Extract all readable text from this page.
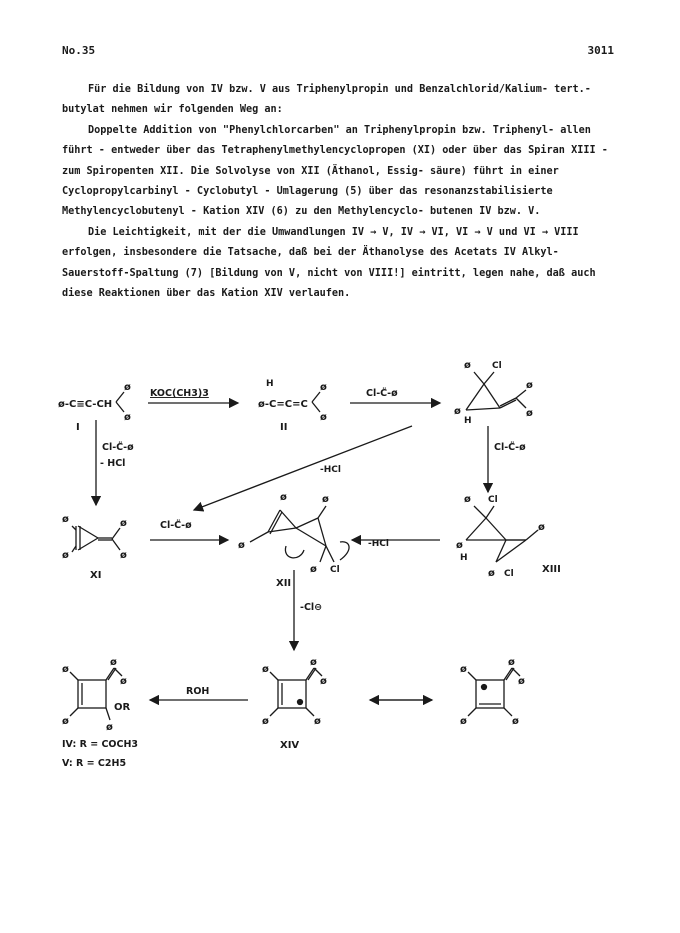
No.35	3011

Für die Bildung von IV bzw. V aus Triphenylpropin und Benzalchlorid/Kalium- tert.-butylat nehmen wir folgenden Weg an:

Doppelte Addition von "Phenylchlorcarben" an Triphenylpropin bzw. Triphenyl- allen führt - entweder über das Tetraphenylmethylencyclopropen (XI) oder über das Spiran XIII - zum Spiropenten XII. Die Solvolyse von XII (Äthanol, Essig- säure) führt in einer Cyclopropylcarbinyl - Cyclobutyl - Umlagerung (5) über das resonanzstabilisierte Methylencyclobutenyl - Kation XIV (6) zu den Methylencyclo- butenen IV bzw. V.

Die Leichtigkeit, mit der die Umwandlungen IV → V, IV → VI, VI → V und VI → VIII erfolgen, insbesondere die Tatsache, daß bei der Äthanolyse des Acetats IV Alkyl-Sauerstoff-Spaltung (7) [Bildung von V, nicht von VIII!] eintritt, legen nahe, daß auch diese Reaktionen über das Kation XIV verlaufen.

ø-C≡C-CH
ø
ø
I
KOC(CH3)3
H
ø-C=C=C
ø
ø
II
Cl-C̈-ø
ø Cl
ø
ø
ø
H
Cl-C̈-ø
- HCl
-HCl
Cl-C̈-ø
ø
ø
ø
ø
XI
Cl-C̈-ø
ø
ø	ø
ø Cl
XII
-HCl
ø Cl
ø
ø
H
ø Cl	XIII
-Cl⊖
ø
ø
ø
ø
ø
OR
ROH
ø
ø
ø
ø	ø
XIV
ø
ø
ø
ø	ø
IV: R = COCH3
V: R = C2H5
